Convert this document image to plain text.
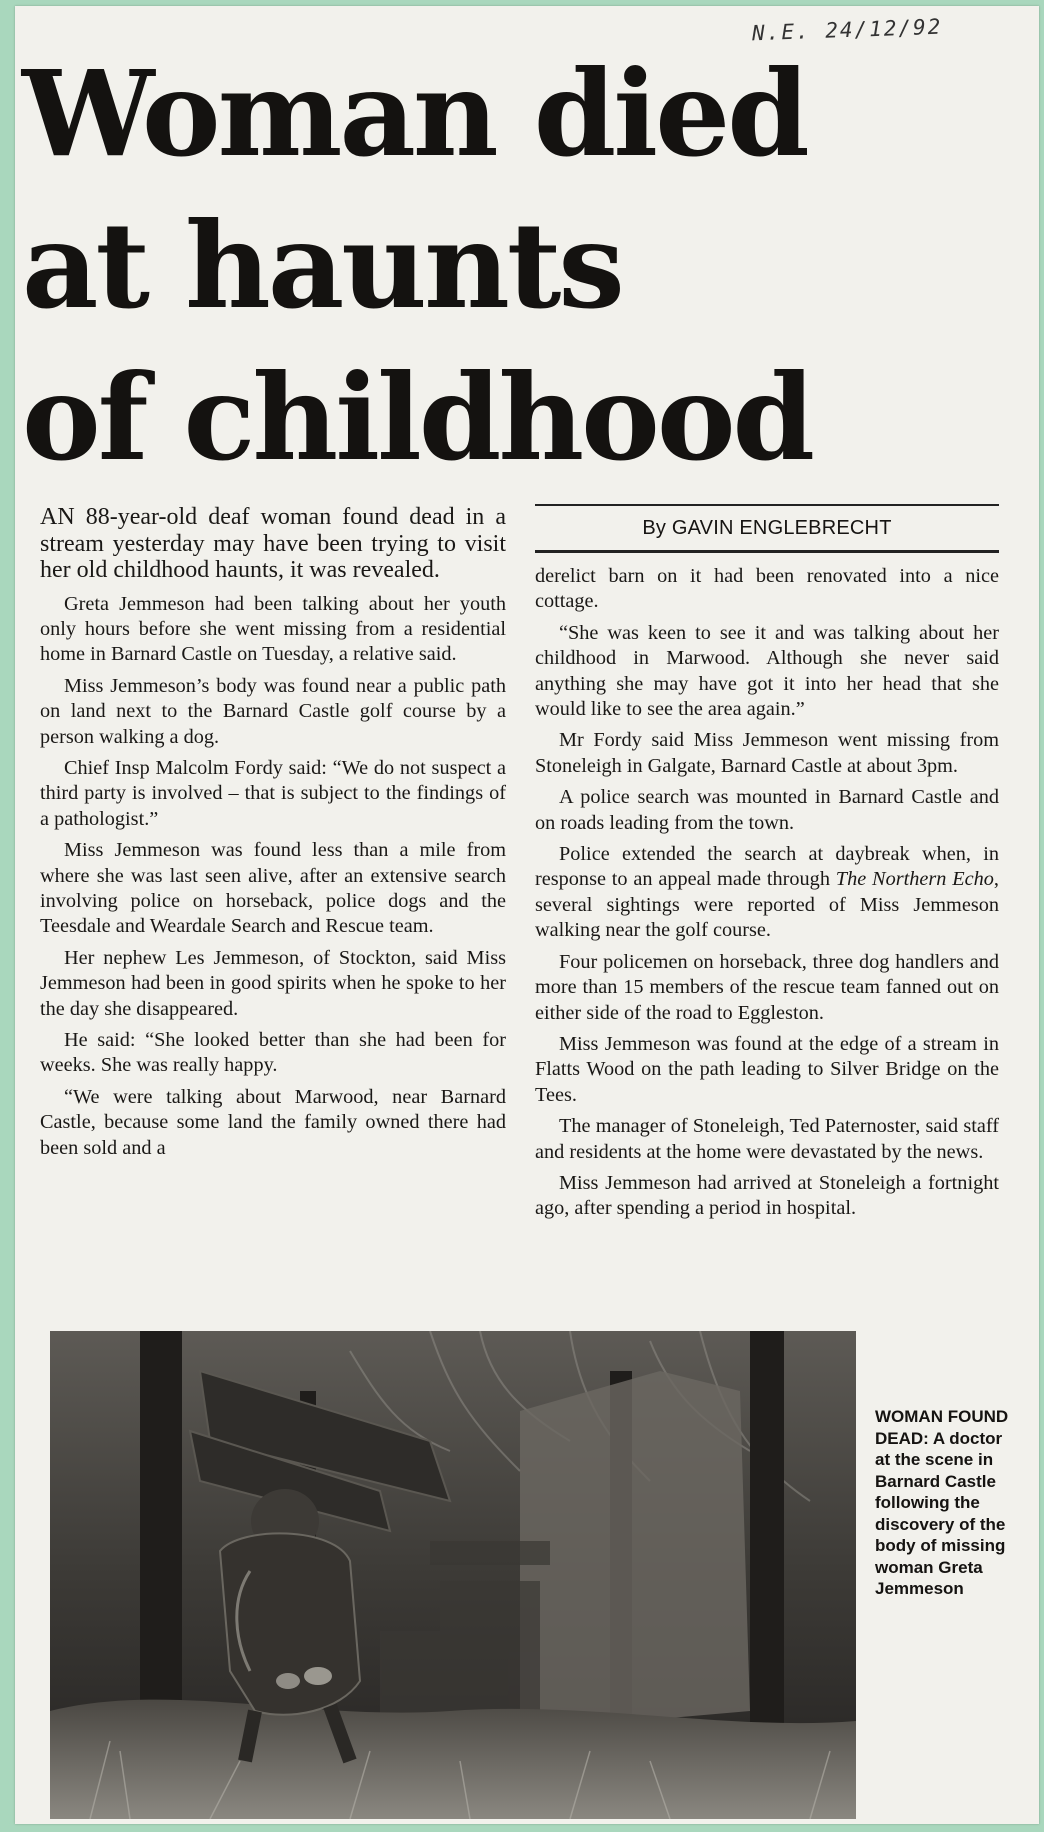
N.E. 24/12/92
Woman died
at haunts
of childhood

AN 88-year-old deaf woman found dead in a stream yesterday may have been trying to visit her old childhood haunts, it was revealed.

Greta Jemmeson had been talking about her youth only hours before she went missing from a residential home in Barnard Castle on Tuesday, a relative said.

Miss Jemmeson’s body was found near a public path on land next to the Barnard Castle golf course by a person walking a dog.

Chief Insp Malcolm Fordy said: “We do not suspect a third party is involved – that is subject to the findings of a pathologist.”

Miss Jemmeson was found less than a mile from where she was last seen alive, after an extensive search involving police on horseback, police dogs and the Teesdale and Weardale Search and Rescue team.

Her nephew Les Jemmeson, of Stockton, said Miss Jemmeson had been in good spirits when he spoke to her the day she disappeared.

He said: “She looked better than she had been for weeks. She was really happy.

“We were talking about Marwood, near Barnard Castle, because some land the family owned there had been sold and a

By GAVIN ENGLEBRECHT

derelict barn on it had been renovated into a nice cottage.

“She was keen to see it and was talking about her childhood in Marwood. Although she never said anything she may have got it into her head that she would like to see the area again.”

Mr Fordy said Miss Jemmeson went missing from Stoneleigh in Galgate, Barnard Castle at about 3pm.

A police search was mounted in Barnard Castle and on roads leading from the town.

Police extended the search at daybreak when, in response to an appeal made through The Northern Echo, several sightings were reported of Miss Jemmeson walking near the golf course.

Four policemen on horseback, three dog handlers and more than 15 members of the rescue team fanned out on either side of the road to Eggleston.

Miss Jemmeson was found at the edge of a stream in Flatts Wood on the path leading to Silver Bridge on the Tees.

The manager of Stoneleigh, Ted Paternoster, said staff and residents at the home were devastated by the news.

Miss Jemmeson had arrived at Stoneleigh a fortnight ago, after spending a period in hospital.

WOMAN FOUND DEAD: A doctor at the scene in Barnard Castle following the discovery of the body of missing woman Greta Jemmeson
